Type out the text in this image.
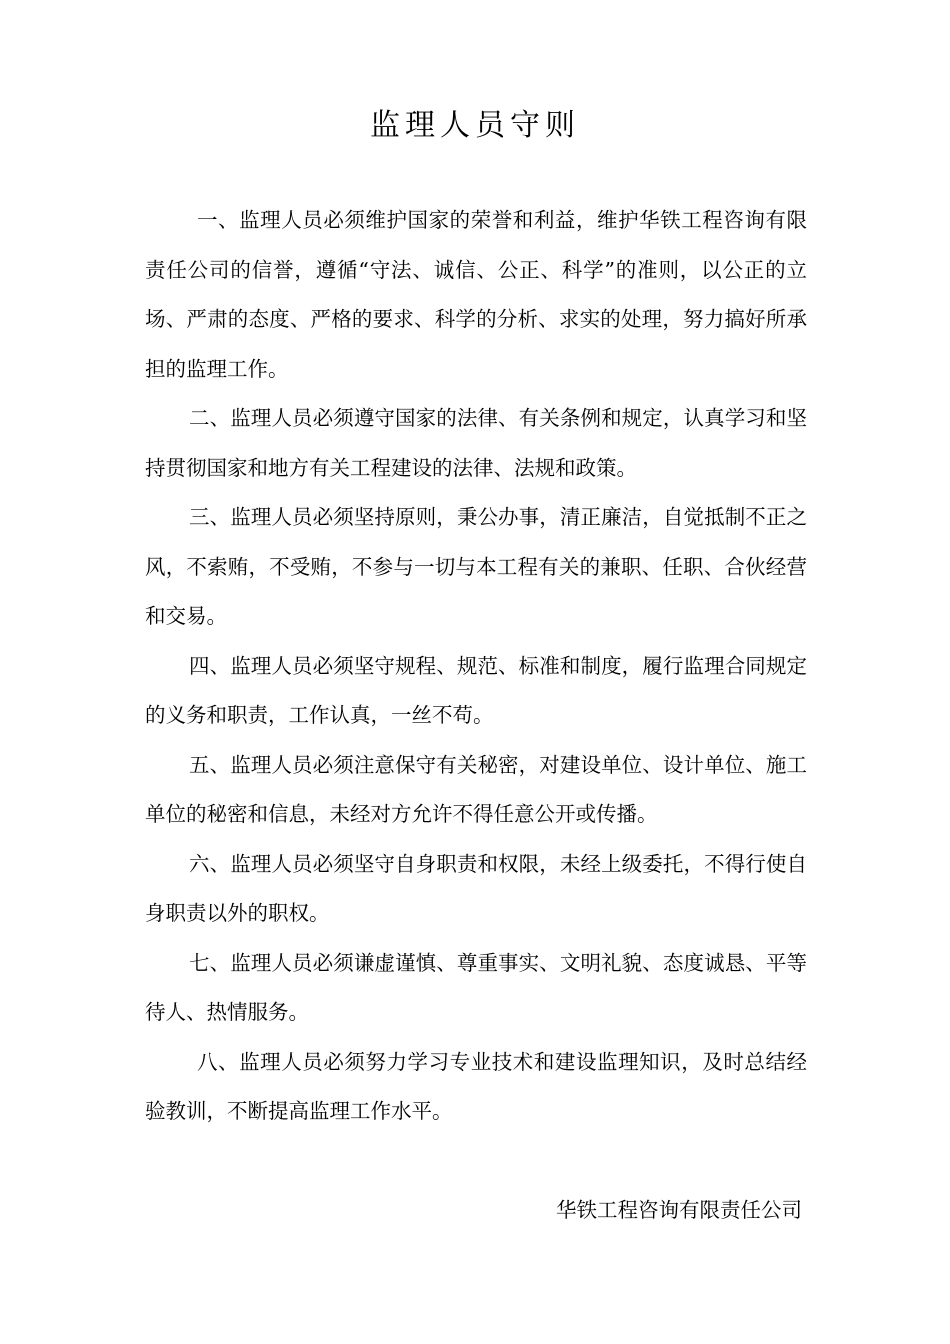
监理人员守则

一、监理人员必须维护国家的荣誉和利益，维护华铁工程咨询有限责任公司的信誉，遵循“守法、诚信、公正、科学”的准则，以公正的立场、严肃的态度、严格的要求、科学的分析、求实的处理，努力搞好所承担的监理工作。

二、监理人员必须遵守国家的法律、有关条例和规定，认真学习和坚持贯彻国家和地方有关工程建设的法律、法规和政策。

三、监理人员必须坚持原则，秉公办事，清正廉洁，自觉抵制不正之风，不索贿，不受贿，不参与一切与本工程有关的兼职、任职、合伙经营和交易。

四、监理人员必须坚守规程、规范、标准和制度，履行监理合同规定的义务和职责，工作认真，一丝不苟。

五、监理人员必须注意保守有关秘密，对建设单位、设计单位、施工单位的秘密和信息，未经对方允许不得任意公开或传播。

六、监理人员必须坚守自身职责和权限，未经上级委托，不得行使自身职责以外的职权。

七、监理人员必须谦虚谨慎、尊重事实、文明礼貌、态度诚恳、平等待人、热情服务。

八、监理人员必须努力学习专业技术和建设监理知识，及时总结经验教训，不断提高监理工作水平。

华铁工程咨询有限责任公司
